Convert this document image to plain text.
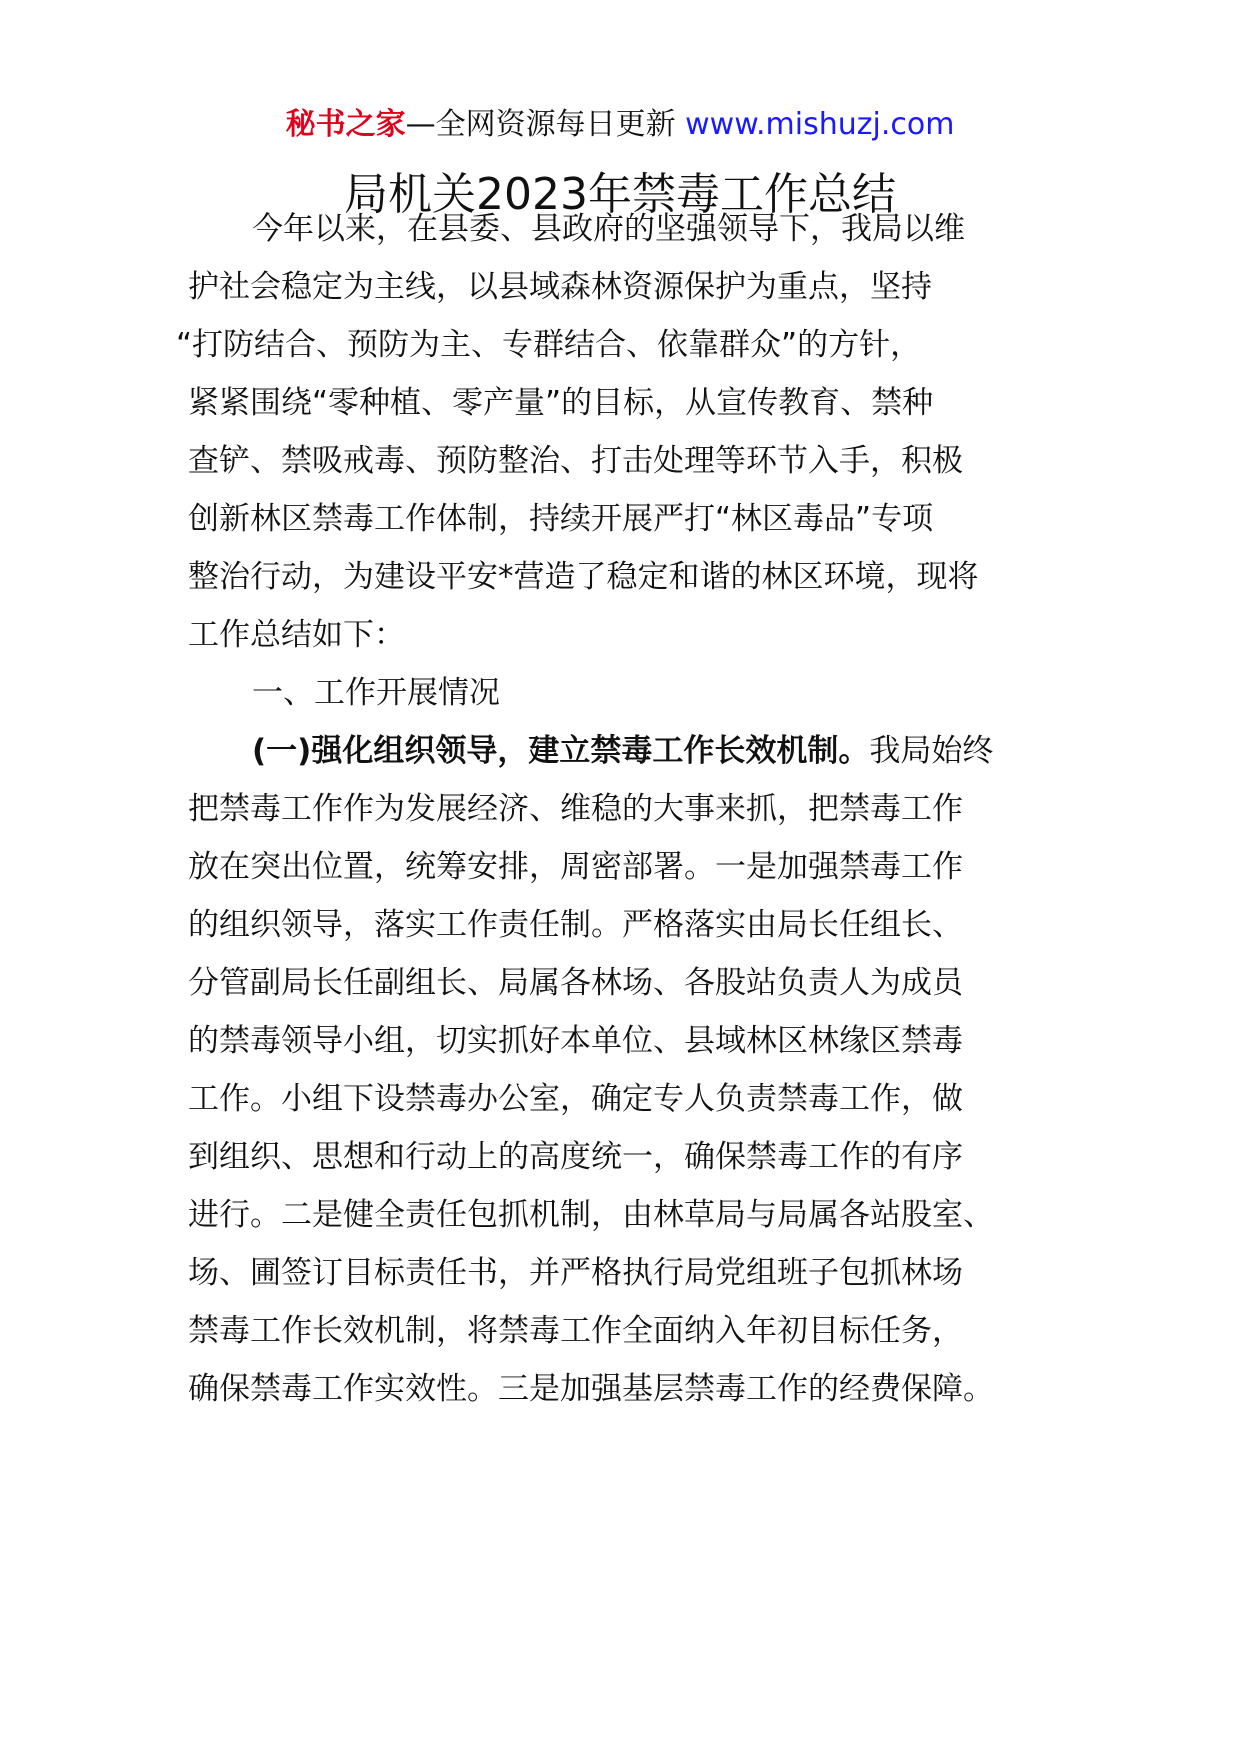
秘书之家—全网资源每日更新 www.mishuzj.com
局机关2023年禁毒工作总结
今年以来，在县委、县政府的坚强领导下，我局以维
护社会稳定为主线，以县域森林资源保护为重点，坚持
“打防结合、预防为主、专群结合、依靠群众”的方针，
紧紧围绕“零种植、零产量”的目标，从宣传教育、禁种
查铲、禁吸戒毒、预防整治、打击处理等环节入手，积极
创新林区禁毒工作体制，持续开展严打“林区毒品”专项
整治行动，为建设平安*营造了稳定和谐的林区环境，现将
工作总结如下：
一、工作开展情况
(一)强化组织领导，建立禁毒工作长效机制。我局始终
把禁毒工作作为发展经济、维稳的大事来抓，把禁毒工作
放在突出位置，统筹安排，周密部署。一是加强禁毒工作
的组织领导，落实工作责任制。严格落实由局长任组长、
分管副局长任副组长、局属各林场、各股站负责人为成员
的禁毒领导小组，切实抓好本单位、县域林区林缘区禁毒
工作。小组下设禁毒办公室，确定专人负责禁毒工作，做
到组织、思想和行动上的高度统一，确保禁毒工作的有序
进行。二是健全责任包抓机制，由林草局与局属各站股室、
场、圃签订目标责任书，并严格执行局党组班子包抓林场
禁毒工作长效机制，将禁毒工作全面纳入年初目标任务，
确保禁毒工作实效性。三是加强基层禁毒工作的经费保障。
